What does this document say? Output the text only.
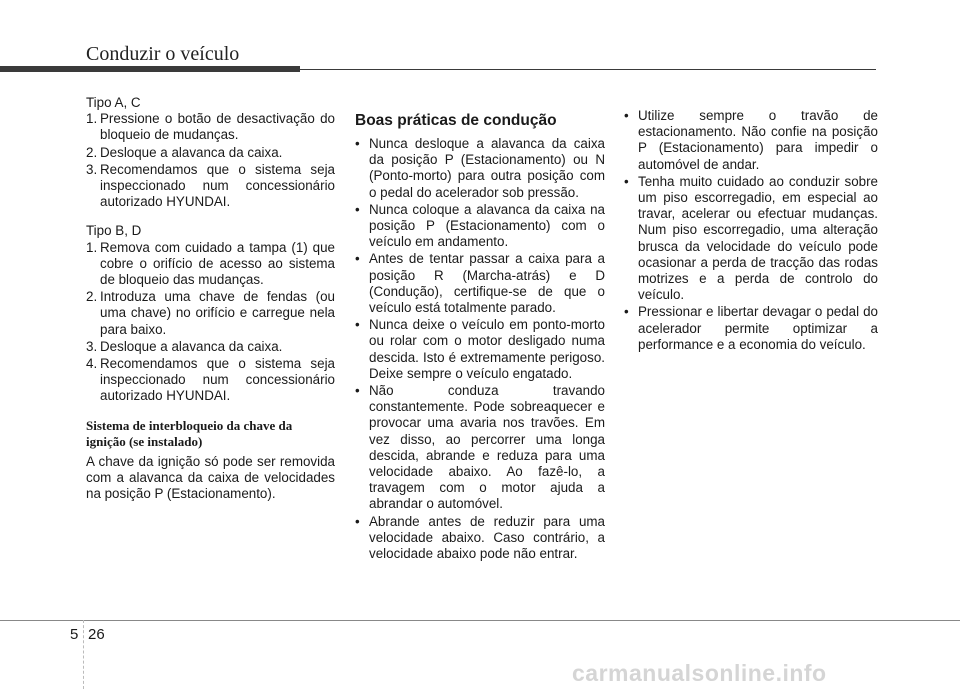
Conduzir o veículo

Tipo A, C

1. Pressione o botão de desactivação do bloqueio de mudanças.
2. Desloque a alavanca da caixa.
3. Recomendamos que o sistema seja inspeccionado num concessionário autorizado HYUNDAI.

Tipo B, D

1. Remova com cuidado a tampa (1) que cobre o orifício de acesso ao sistema de bloqueio das mudanças.
2. Introduza uma chave de fendas (ou uma chave) no orifício e carregue nela para baixo.
3. Desloque a alavanca da caixa.
4. Recomendamos que o sistema seja inspeccionado num concessionário autorizado HYUNDAI.
Sistema de interbloqueio da chave da
ignição (se instalado)

A chave da ignição só pode ser removida com a alavanca da caixa de velocidades na posição P (Estacionamento).

Boas práticas de condução
• Nunca desloque a alavanca da caixa da posição P (Estacionamento) ou N (Ponto-morto) para outra posição com o pedal do acelerador sob pressão.
• Nunca coloque a alavanca da caixa na posição P (Estacionamento) com o veículo em andamento.
• Antes de tentar passar a caixa para a posição R (Marcha-atrás) e D (Condução), certifique-se de que o veículo está totalmente parado.
• Nunca deixe o veículo em ponto-morto ou rolar com o motor desligado numa descida. Isto é extremamente perigoso. Deixe sempre o veículo engatado.
• Não conduza travando constantemente. Pode sobreaquecer e provocar uma avaria nos travões. Em vez disso, ao percorrer uma longa descida, abrande e reduza para uma velocidade abaixo. Ao fazê-lo, a travagem com o motor ajuda a abrandar o automóvel.
• Abrande antes de reduzir para uma velocidade abaixo. Caso contrário, a velocidade abaixo pode não entrar.
• Utilize sempre o travão de estacionamento. Não confie na posição P (Estacionamento) para impedir o automóvel de andar.
• Tenha muito cuidado ao conduzir sobre um piso escorregadio, em especial ao travar, acelerar ou efectuar mudanças. Num piso escorregadio, uma alteração brusca da velocidade do veículo pode ocasionar a perda de tracção das rodas motrizes e a perda de controlo do veículo.
• Pressionar e libertar devagar o pedal do acelerador permite optimizar a performance e a economia do veículo.
5 26
carmanualsonline.info
